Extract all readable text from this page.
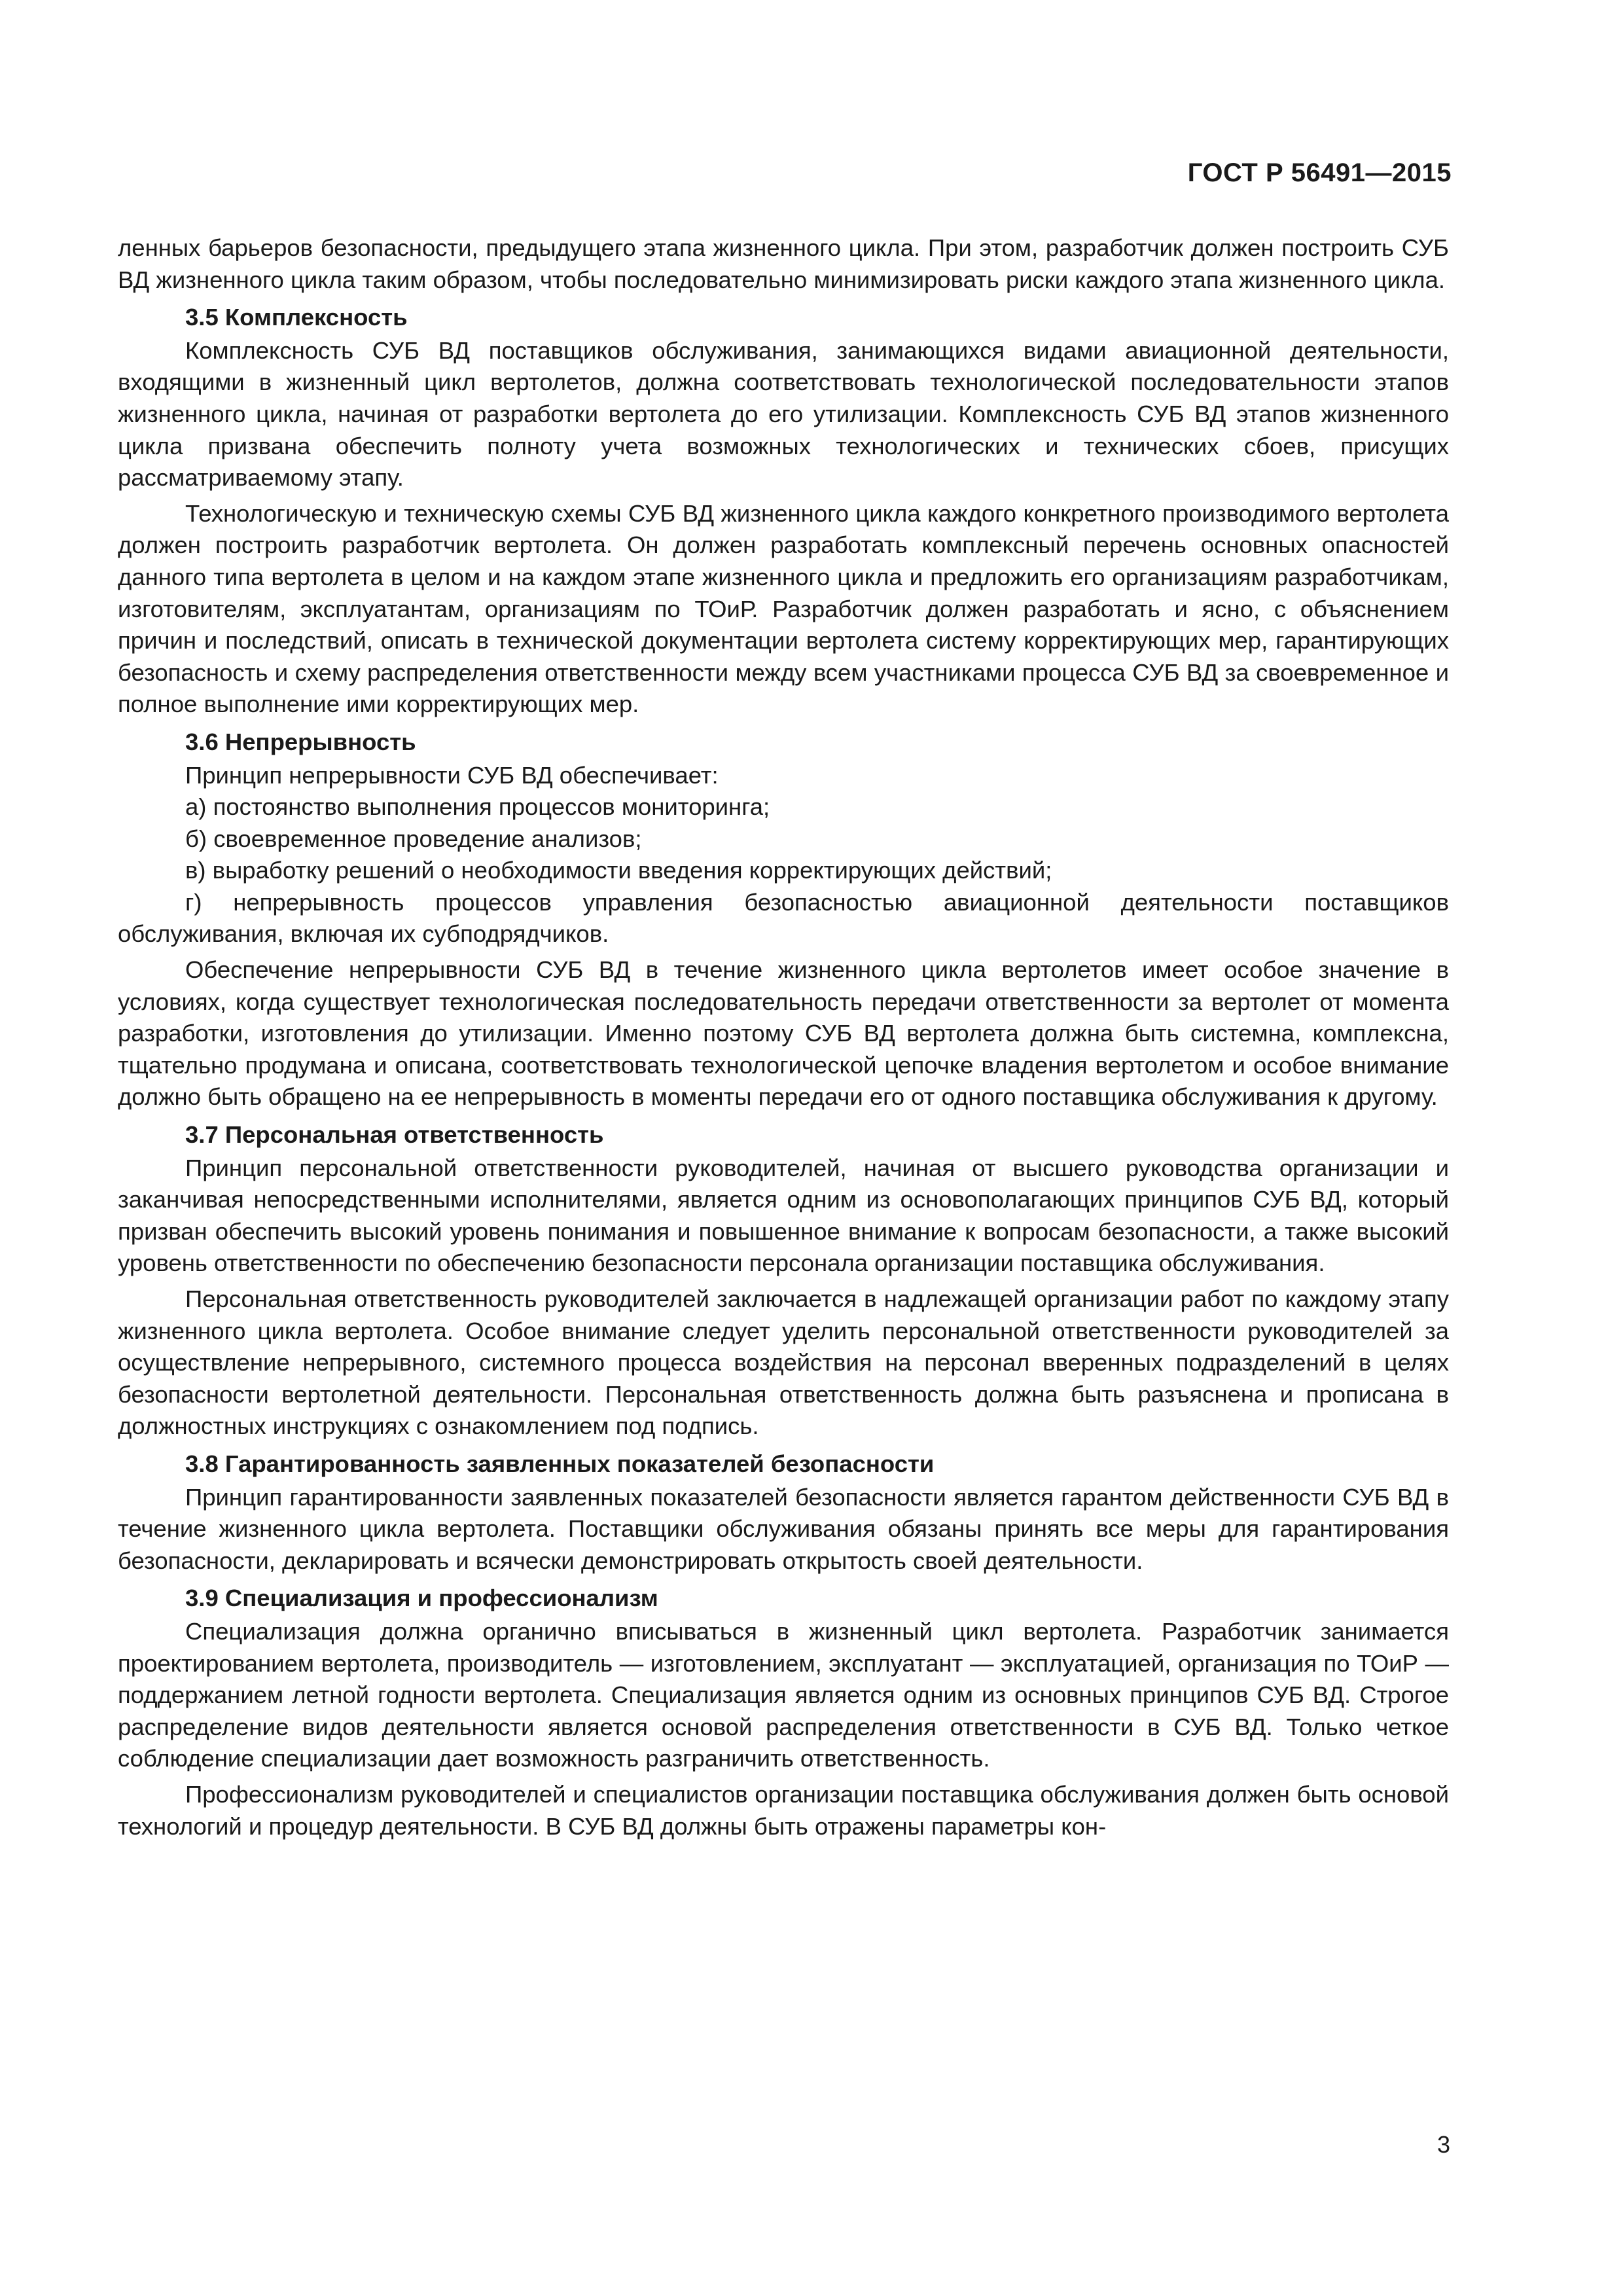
ГОСТ Р 56491—2015

ленных барьеров безопасности, предыдущего этапа жизненного цикла. При этом, разработчик должен построить СУБ ВД жизненного цикла таким образом, чтобы последовательно минимизировать риски каждого этапа жизненного цикла.

3.5 Комплексность

Комплексность СУБ ВД поставщиков обслуживания, занимающихся видами авиационной деятельности, входящими в жизненный цикл вертолетов, должна соответствовать технологической последовательности этапов жизненного цикла, начиная от разработки вертолета до его утилизации. Комплексность СУБ ВД этапов жизненного цикла призвана обеспечить полноту учета возможных технологических и технических сбоев, присущих рассматриваемому этапу.

Технологическую и техническую схемы СУБ ВД жизненного цикла каждого конкретного производимого вертолета должен построить разработчик вертолета. Он должен разработать комплексный перечень основных опасностей данного типа вертолета в целом и на каждом этапе жизненного цикла и предложить его организациям разработчикам, изготовителям, эксплуатантам, организациям по ТОиР. Разработчик должен разработать и ясно, с объяснением причин и последствий, описать в технической документации вертолета систему корректирующих мер, гарантирующих безопасность и схему распределения ответственности между всем участниками процесса СУБ ВД за своевременное и полное выполнение ими корректирующих мер.

3.6 Непрерывность

Принцип непрерывности СУБ ВД обеспечивает:

а) постоянство выполнения процессов мониторинга;

б) своевременное проведение анализов;

в) выработку решений о необходимости введения корректирующих действий;

г) непрерывность процессов управления безопасностью авиационной деятельности поставщиков обслуживания, включая их субподрядчиков.

Обеспечение непрерывности СУБ ВД в течение жизненного цикла вертолетов имеет особое значение в условиях, когда существует технологическая последовательность передачи ответственности за вертолет от момента разработки, изготовления до утилизации. Именно поэтому СУБ ВД вертолета должна быть системна, комплексна, тщательно продумана и описана, соответствовать технологической цепочке владения вертолетом и особое внимание должно быть обращено на ее непрерывность в моменты передачи его от одного поставщика обслуживания к другому.

3.7 Персональная ответственность

Принцип персональной ответственности руководителей, начиная от высшего руководства организации и заканчивая непосредственными исполнителями, является одним из основополагающих принципов СУБ ВД, который призван обеспечить высокий уровень понимания и повышенное внимание к вопросам безопасности, а также высокий уровень ответственности по обеспечению безопасности персонала организации поставщика обслуживания.

Персональная ответственность руководителей заключается в надлежащей организации работ по каждому этапу жизненного цикла вертолета. Особое внимание следует уделить персональной ответственности руководителей за осуществление непрерывного, системного процесса воздействия на персонал вверенных подразделений в целях безопасности вертолетной деятельности. Персональная ответственность должна быть разъяснена и прописана в должностных инструкциях с ознакомлением под подпись.

3.8 Гарантированность заявленных показателей безопасности

Принцип гарантированности заявленных показателей безопасности является гарантом действенности СУБ ВД в течение жизненного цикла вертолета. Поставщики обслуживания обязаны принять все меры для гарантирования безопасности, декларировать и всячески демонстрировать открытость своей деятельности.

3.9 Специализация и профессионализм

Специализация должна органично вписываться в жизненный цикл вертолета. Разработчик занимается проектированием вертолета, производитель — изготовлением, эксплуатант — эксплуатацией, организация по ТОиР — поддержанием летной годности вертолета. Специализация является одним из основных принципов СУБ ВД. Строгое распределение видов деятельности является основой распределения ответственности в СУБ ВД. Только четкое соблюдение специализации дает возможность разграничить ответственность.

Профессионализм руководителей и специалистов организации поставщика обслуживания должен быть основой технологий и процедур деятельности. В СУБ ВД должны быть отражены параметры кон-

3
